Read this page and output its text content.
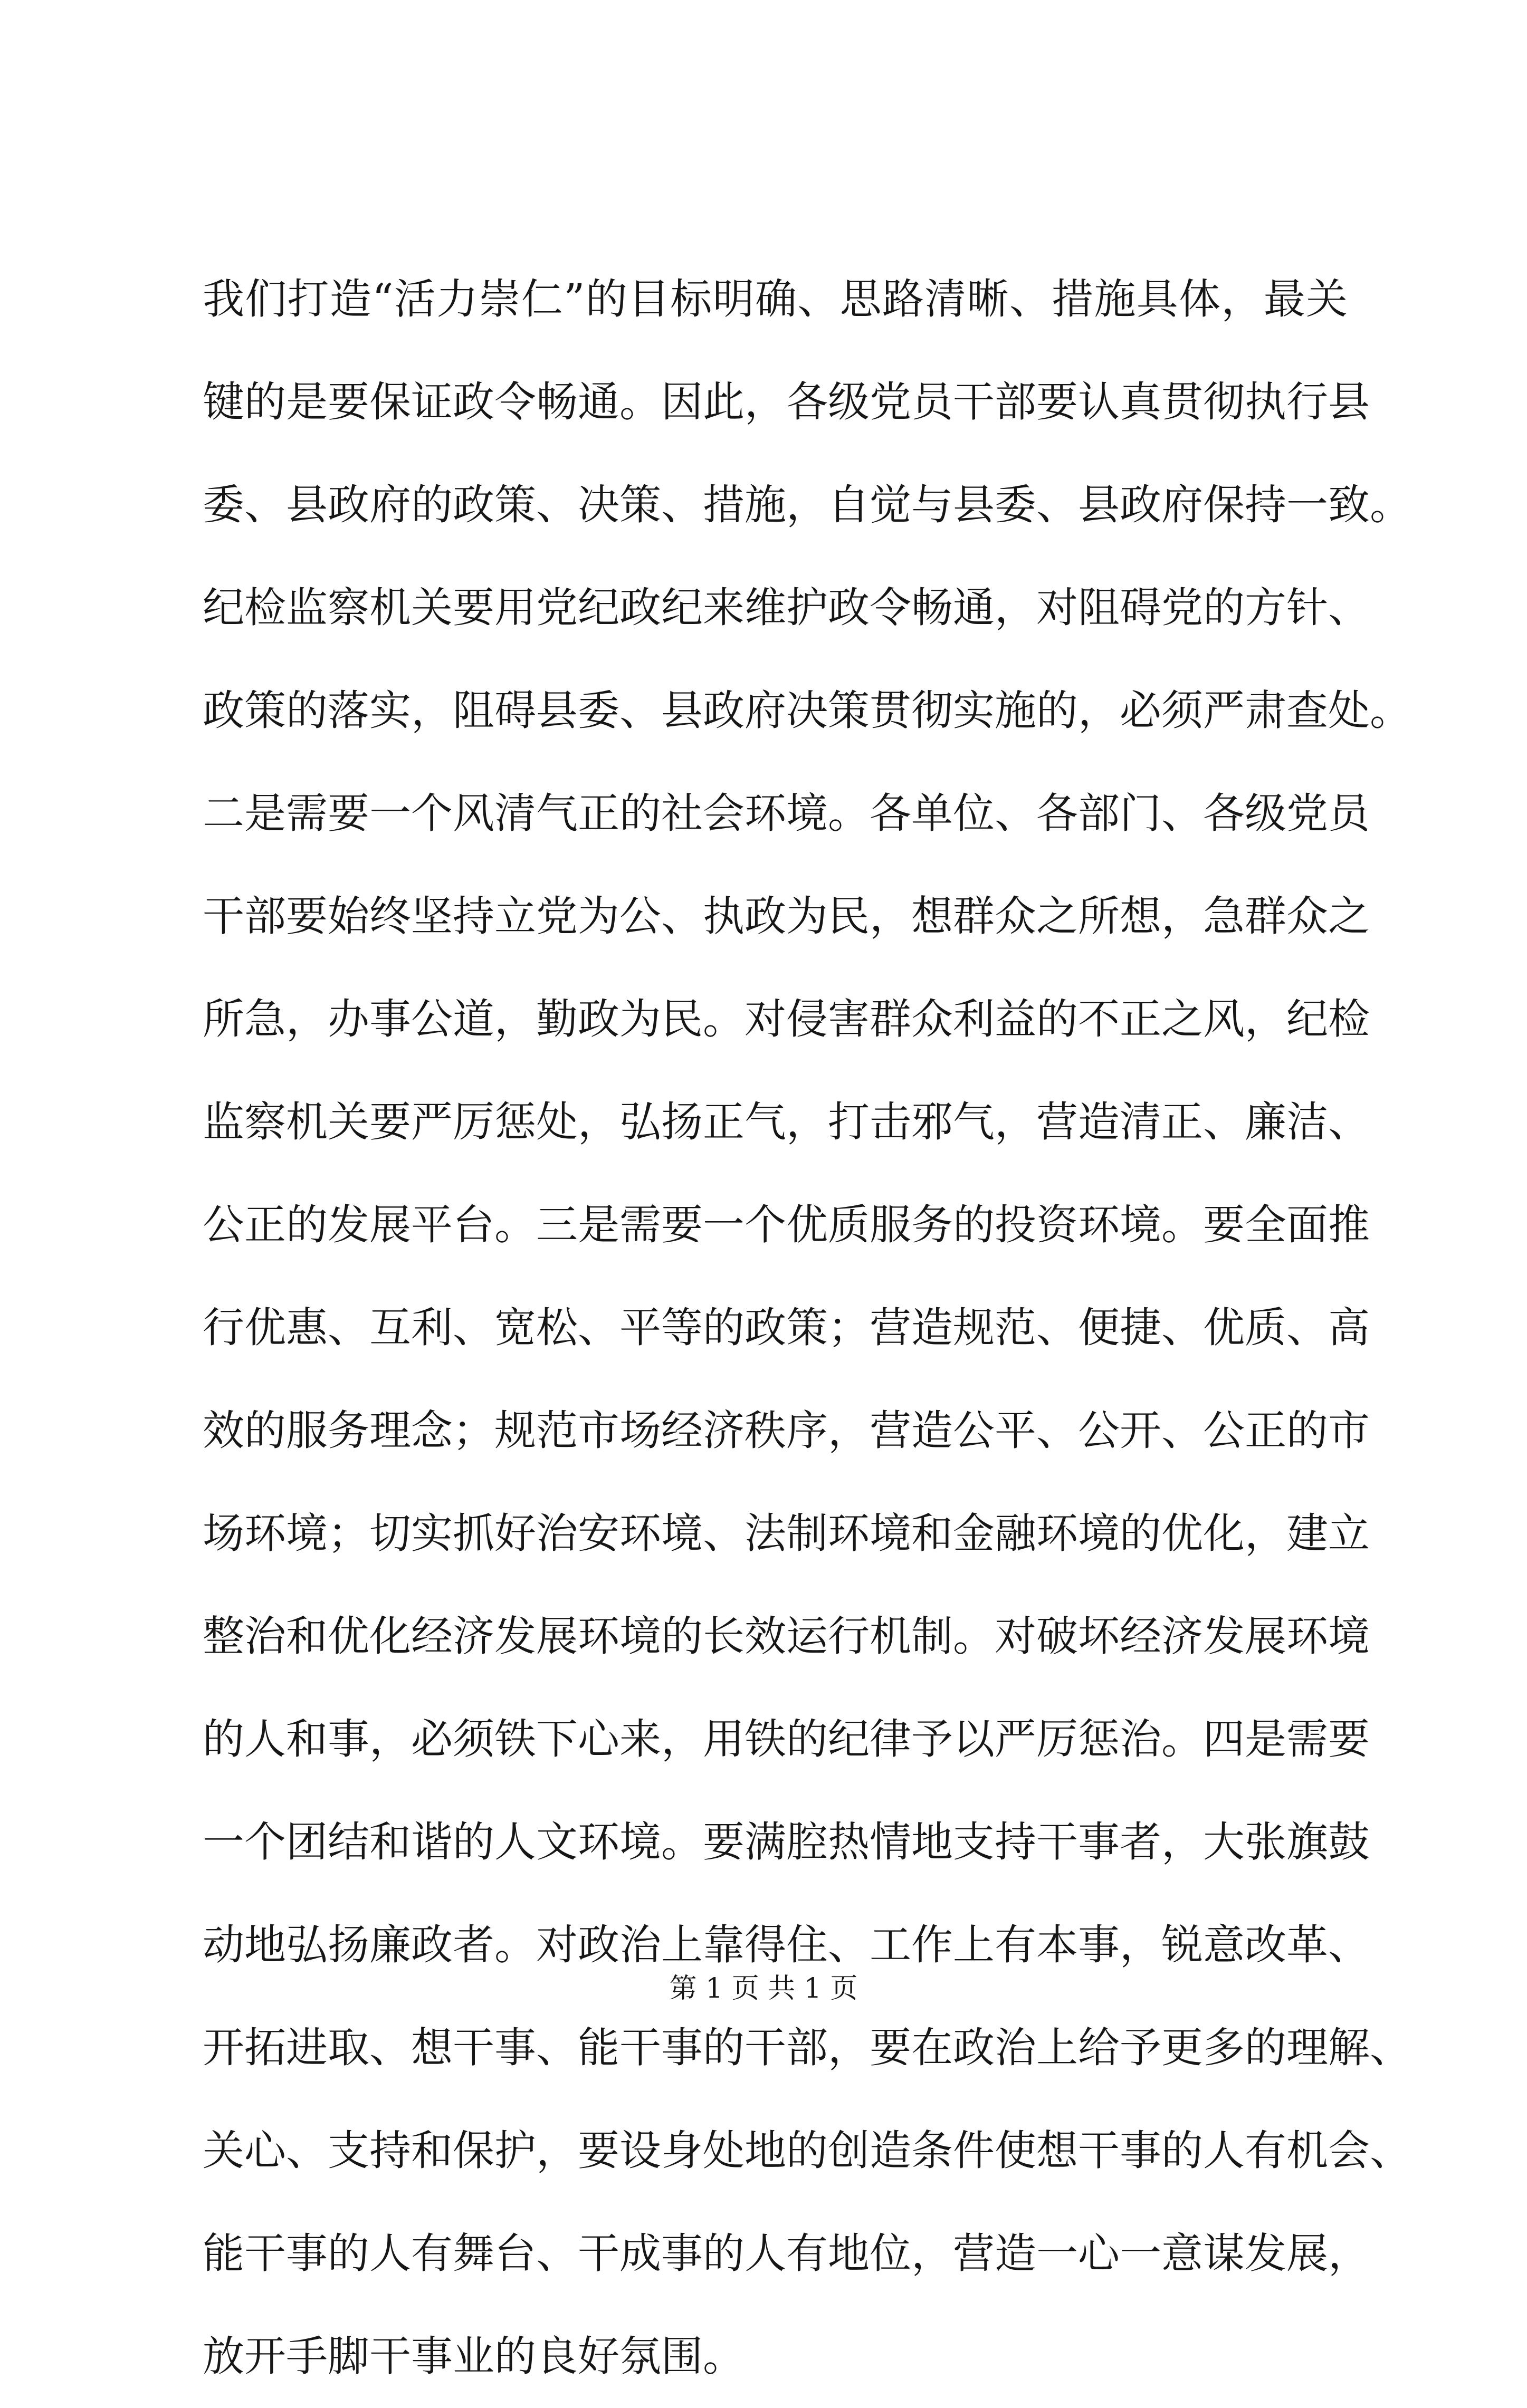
我们打造“活力崇仁”的目标明确、思路清晰、措施具体，最关
键的是要保证政令畅通。因此，各级党员干部要认真贯彻执行县
委、县政府的政策、决策、措施，自觉与县委、县政府保持一致。
纪检监察机关要用党纪政纪来维护政令畅通，对阻碍党的方针、
政策的落实，阻碍县委、县政府决策贯彻实施的，必须严肃查处。
二是需要一个风清气正的社会环境。各单位、各部门、各级党员
干部要始终坚持立党为公、执政为民，想群众之所想，急群众之
所急，办事公道，勤政为民。对侵害群众利益的不正之风，纪检
监察机关要严厉惩处，弘扬正气，打击邪气，营造清正、廉洁、
公正的发展平台。三是需要一个优质服务的投资环境。要全面推
行优惠、互利、宽松、平等的政策；营造规范、便捷、优质、高
效的服务理念；规范市场经济秩序，营造公平、公开、公正的市
场环境；切实抓好治安环境、法制环境和金融环境的优化，建立
整治和优化经济发展环境的长效运行机制。对破坏经济发展环境
的人和事，必须铁下心来，用铁的纪律予以严厉惩治。四是需要
一个团结和谐的人文环境。要满腔热情地支持干事者，大张旗鼓
动地弘扬廉政者。对政治上靠得住、工作上有本事，锐意改革、
开拓进取、想干事、能干事的干部，要在政治上给予更多的理解、
关心、支持和保护，要设身处地的创造条件使想干事的人有机会、
能干事的人有舞台、干成事的人有地位，营造一心一意谋发展，
放开手脚干事业的良好氛围。
第 1 页 共 1 页
